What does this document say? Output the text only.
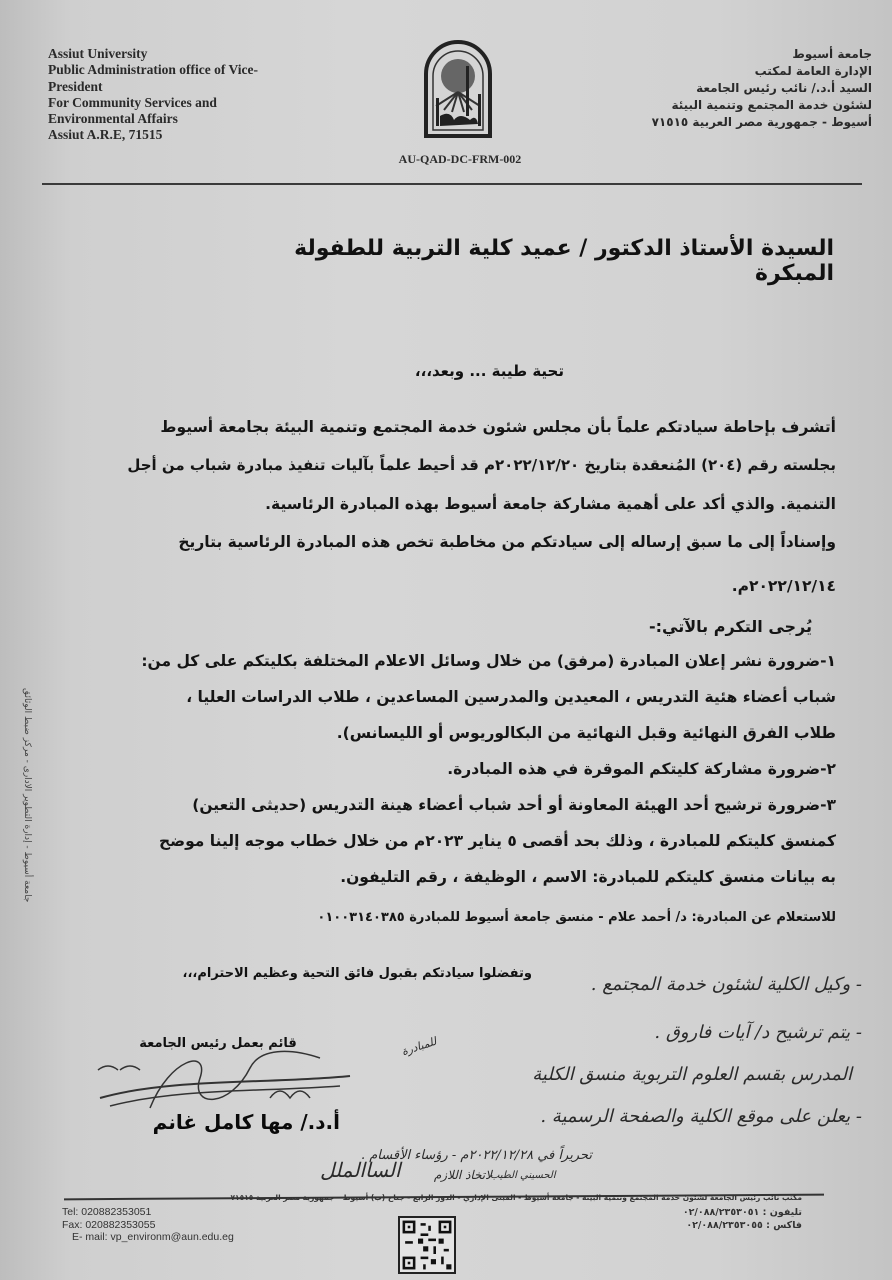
Assiut University
Public Administration office of Vice-
President
For Community Services and
Environmental Affairs
Assiut A.R.E, 71515
AU-QAD-DC-FRM-002
جامعة أسيوط
الإدارة العامة لمكتب
السيد أ.د./ نائب رئيس الجامعة
لشئون خدمة المجتمع وتنمية البيئة
أسيوط - جمهورية مصر العربية ٧١٥١٥
السيدة الأستاذ الدكتور / عميد كلية التربية للطفولة المبكرة
تحية طيبة ... وبعد،،،
أتشرف بإحاطة سيادتكم علماً بأن مجلس شئون خدمة المجتمع وتنمية البيئة بجامعة أسيوط
بجلسته رقم (٢٠٤) المُنعقدة بتاريخ ٢٠٢٢/١٢/٢٠م قد أحيط علماً بآليات تنفيذ مبادرة شباب من أجل
التنمية. والذي أكد على أهمية مشاركة جامعة أسيوط بهذه المبادرة الرئاسية.
وإسناداً إلى ما سبق إرساله إلى سيادتكم من مخاطبة تخص هذه المبادرة الرئاسية بتاريخ
٢٠٢٢/١٢/١٤م.
يُرجى التكرم بالآتي:-
١-ضرورة نشر إعلان المبادرة (مرفق) من خلال وسائل الاعلام المختلفة بكليتكم على كل من:
شباب أعضاء هئية التدريس ، المعيدين والمدرسين المساعدين ، طلاب الدراسات العليا ،
طلاب الفرق النهائية وقبل النهائية من البكالوريوس أو الليسانس).
٢-ضرورة مشاركة كليتكم الموقرة في هذه المبادرة.
٣-ضرورة ترشيح أحد الهيئة المعاونة أو أحد شباب أعضاء هينة التدريس (حديثى التعين)
كمنسق كليتكم للمبادرة ، وذلك بحد أقصى ٥ يناير ٢٠٢٣م من خلال خطاب موجه إلينا موضح
به بيانات منسق كليتكم للمبادرة: الاسم ، الوظيفة ، رقم التليفون.
للاستعلام عن المبادرة: د/ أحمد علام - منسق جامعة أسيوط للمبادرة ٠١٠٠٣١٤٠٣٨٥
وتفضلوا سيادتكم بقبول فائق التحية وعظيم الاحترام،،،
- وكيل الكلية لشئون خدمة المجتمع .
- يتم ترشيح د/ آيات فاروق .
المدرس بقسم العلوم التربوية منسق الكلية
للمبادرة
- يعلن على موقع الكلية والصفحة الرسمية .
تحريراً في ٢٠٢٢/١٢/٢٨م - رؤساء الأقسام .
لاتخاذ اللازم
الحسيني الطيب
الساالملل
قائم بعمل رئيس الجامعة
أ.د./ مها كامل غانم
مكتب نائب رئيس الجامعة لشئون خدمة المجتمع وتنمية البيئة - جامعة أسيوط - المبنى الإداري - الدور الرابع - جناح (ب) أسيوط - جمهورية مصر العربية ٧١٥١٥
Tel: 020882353051
Fax: 020882353055
E- mail: vp_environm@aun.edu.eg
تليفون : ٠٢/٠٨٨/٢٣٥٣٠٥١
فاكس : ٠٢/٠٨٨/٢٣٥٣٠٥٥
جامعة أسيوط - إدارة التطوير الادارى - مركز ضبط الوثائق
